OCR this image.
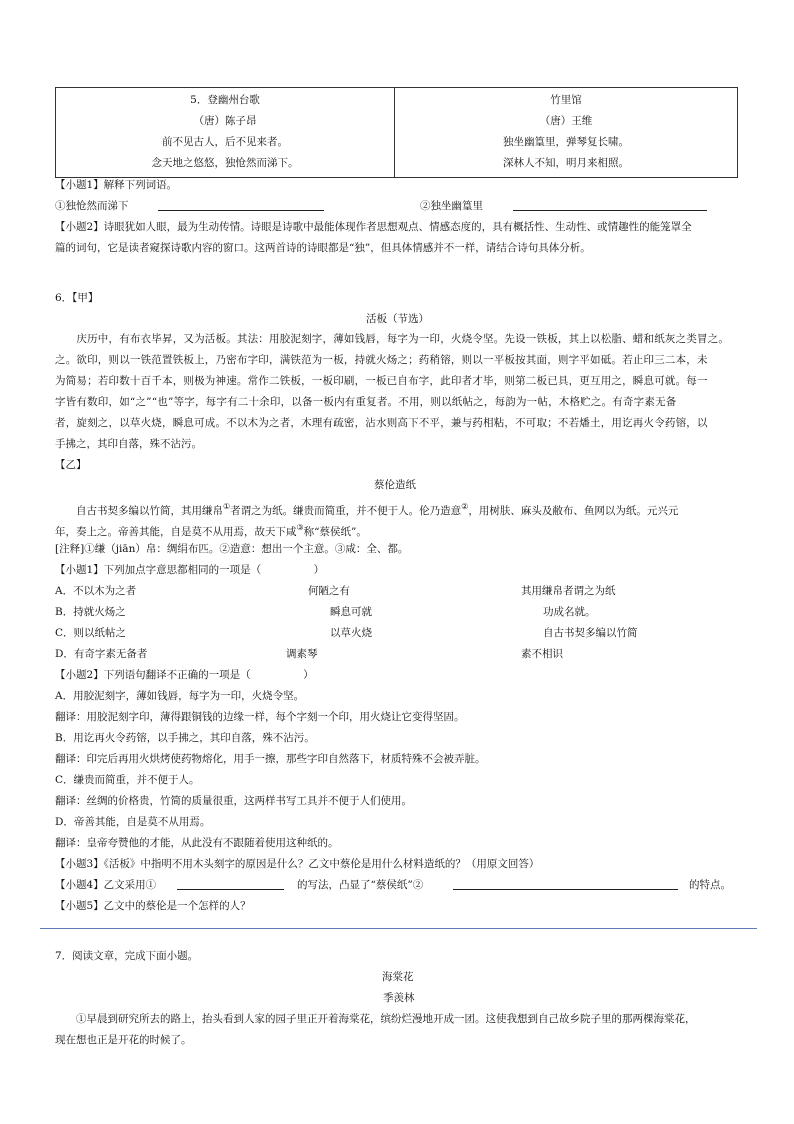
5．登幽州台歌
（唐）陈子昂
前不见古人，后不见来者。
念天地之悠悠，独怆然而涕下。

竹里馆
（唐）王维
独坐幽篁里，弹琴复长啸。
深林人不知，明月来相照。
【小题1】解释下列词语。
①独怆然而涕下	②独坐幽篁里
【小题2】诗眼犹如人眼，最为生动传情。诗眼是诗歌中最能体现作者思想观点、情感态度的，具有概括性、生动性、或情趣性的能笼罩全
篇的词句，它是读者窥探诗歌内容的窗口。这两首诗的诗眼都是“独”，但具体情感并不一样，请结合诗句具体分析。
6．【甲】
活板（节选）
　　庆历中，有布衣毕昇，又为活板。其法：用胶泥刻字，薄如钱唇，每字为一印，火烧令坚。先设一铁板，其上以松脂、蜡和纸灰之类冒之。
之。欲印，则以一铁范置铁板上，乃密布字印，满铁范为一板，持就火炀之；药稍镕，则以一平板按其面，则字平如砥。若止印三二本，未
为简易；若印数十百千本，则极为神速。常作二铁板，一板印刷，一板已自布字，此印者才毕，则第二板已具，更互用之，瞬息可就。每一
字皆有数印，如“之”“也”等字，每字有二十余印，以备一板内有重复者。不用，则以纸帖之，每韵为一帖，木格贮之。有奇字素无备
者，旋刻之，以草火烧，瞬息可成。不以木为之者，木理有疏密，沾水则高下不平，兼与药相粘，不可取；不若燔土，用讫再火令药镕，以
手拂之，其印自落，殊不沾污。
【乙】
蔡伦造纸
　　自古书契多编以竹简，其用缣帛①者谓之为纸。缣贵而简重，并不便于人。伦乃造意②，用树肤、麻头及敝布、鱼网以为纸。元兴元
年，奏上之。帝善其能，自是莫不从用焉，故天下咸③称“蔡侯纸”。
[注释]①缣（jiān）帛：绸绢布匹。②造意：想出一个主意。③咸：全、都。
【小题1】下列加点字意思都相同的一项是（　　　　　）
A．不以木为之者	何陋之有	其用缣帛者谓之为纸
B．持就火炀之	瞬息可就	功成名就。
C．则以纸帖之	以草火烧	自古书契多编以竹简
D．有奇字素无备者	调素琴	素不相识
【小题2】下列语句翻译不正确的一项是（　　　　　）
A．用胶泥刻字，薄如钱唇，每字为一印，火烧令坚。
翻译：用胶泥刻字印，薄得跟铜钱的边缘一样，每个字刻一个印，用火烧让它变得坚固。
B．用讫再火令药镕，以手拂之，其印自落，殊不沾污。
翻译：印完后再用火烘烤使药物熔化，用手一擦，那些字印自然落下，材质特殊不会被弄脏。
C．缣贵而简重，并不便于人。
翻译：丝绸的价格贵，竹简的质量很重，这两样书写工具并不便于人们使用。
D．帝善其能，自是莫不从用焉。
翻译：皇帝夸赞他的才能，从此没有不跟随着使用这种纸的。
【小题3】《活板》中指明不用木头刻字的原因是什么？乙文中蔡伦是用什么材料造纸的？（用原文回答）
【小题4】乙文采用①	的写法，凸显了“蔡侯纸”②	的特点。
【小题5】乙文中的蔡伦是一个怎样的人？
7．阅读文章，完成下面小题。
海棠花
季羡林
　　①早晨到研究所去的路上，抬头看到人家的园子里正开着海棠花，缤纷烂漫地开成一团。这使我想到自己故乡院子里的那两棵海棠花，
现在想也正是开花的时候了。
